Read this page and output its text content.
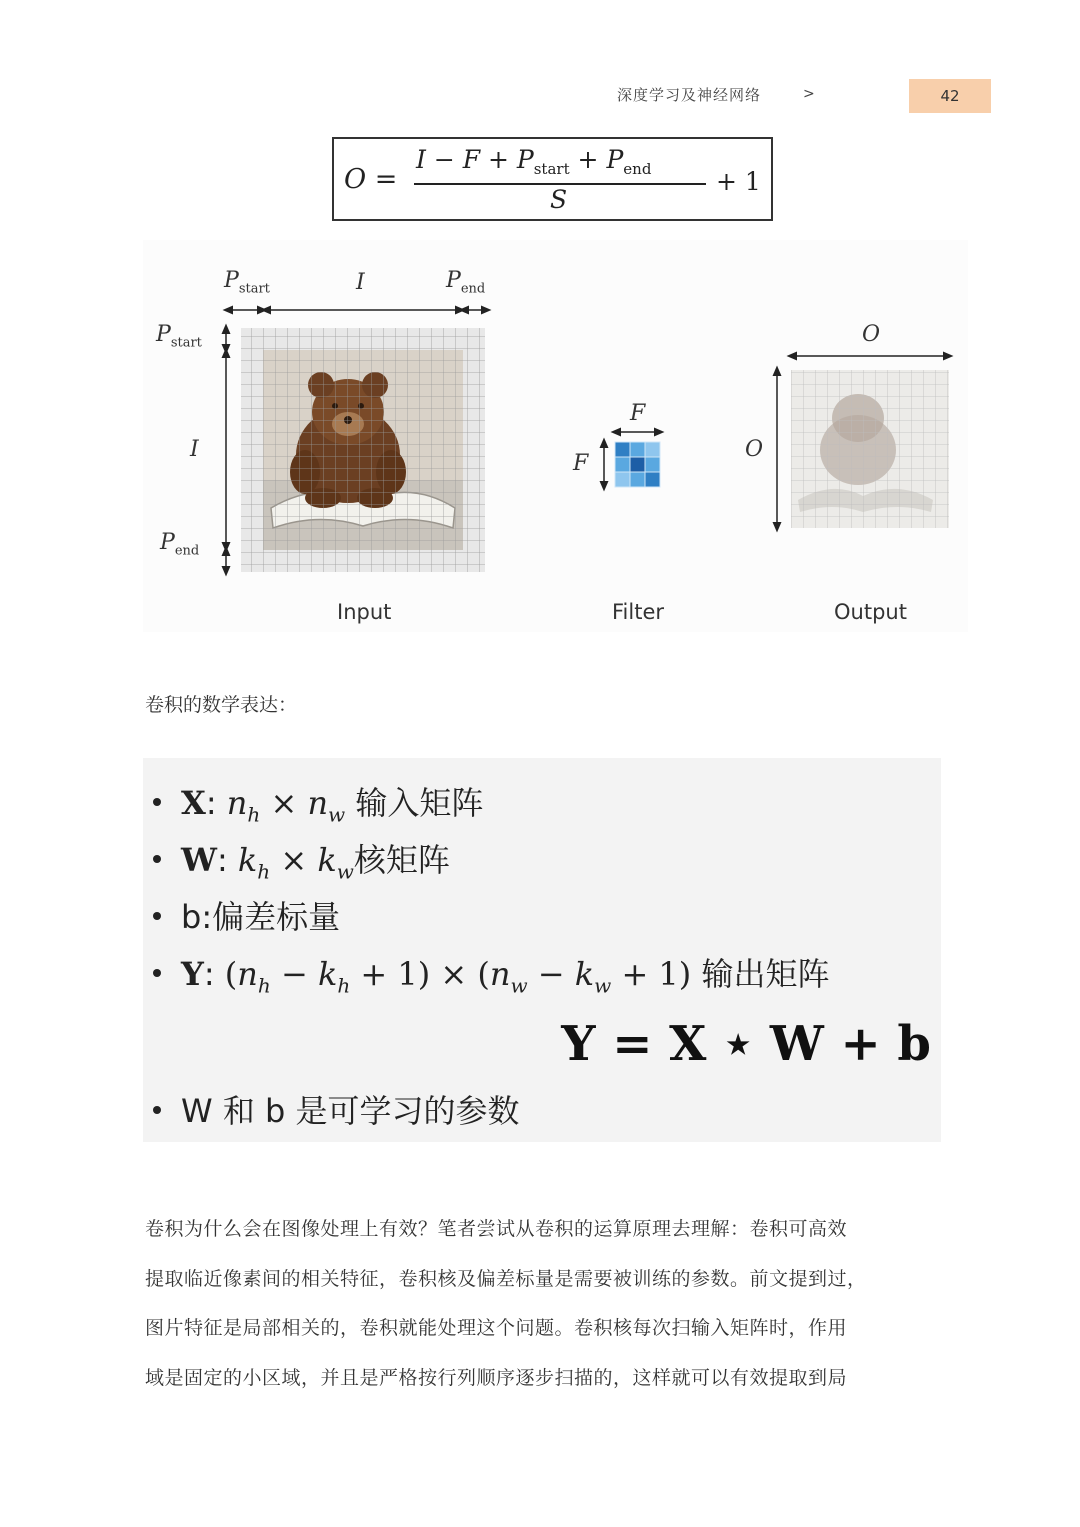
深度学习及神经网络	>	42
O =
$I - F + P_{start} + P_{end}$
S
+ 1
$P_{start}$	I	$P_{end}$
$P_{start}$
I
$P_{end}$
F
F
O
O
Input	Filter	Output
卷积的数学表达：
X: $n_h \times n_w$ 输入矩阵
W: $k_h \times k_w$核矩阵
b:偏差标量
Y: $(n_h - k_h + 1) \times (n_w - k_w + 1)$ 输出矩阵
Y = X ⋆ W + b
W 和 b 是可学习的参数

卷积为什么会在图像处理上有效？笔者尝试从卷积的运算原理去理解：卷积可高效

提取临近像素间的相关特征，卷积核及偏差标量是需要被训练的参数。前文提到过，

图片特征是局部相关的，卷积就能处理这个问题。卷积核每次扫输入矩阵时，作用

域是固定的小区域，并且是严格按行列顺序逐步扫描的，这样就可以有效提取到局
